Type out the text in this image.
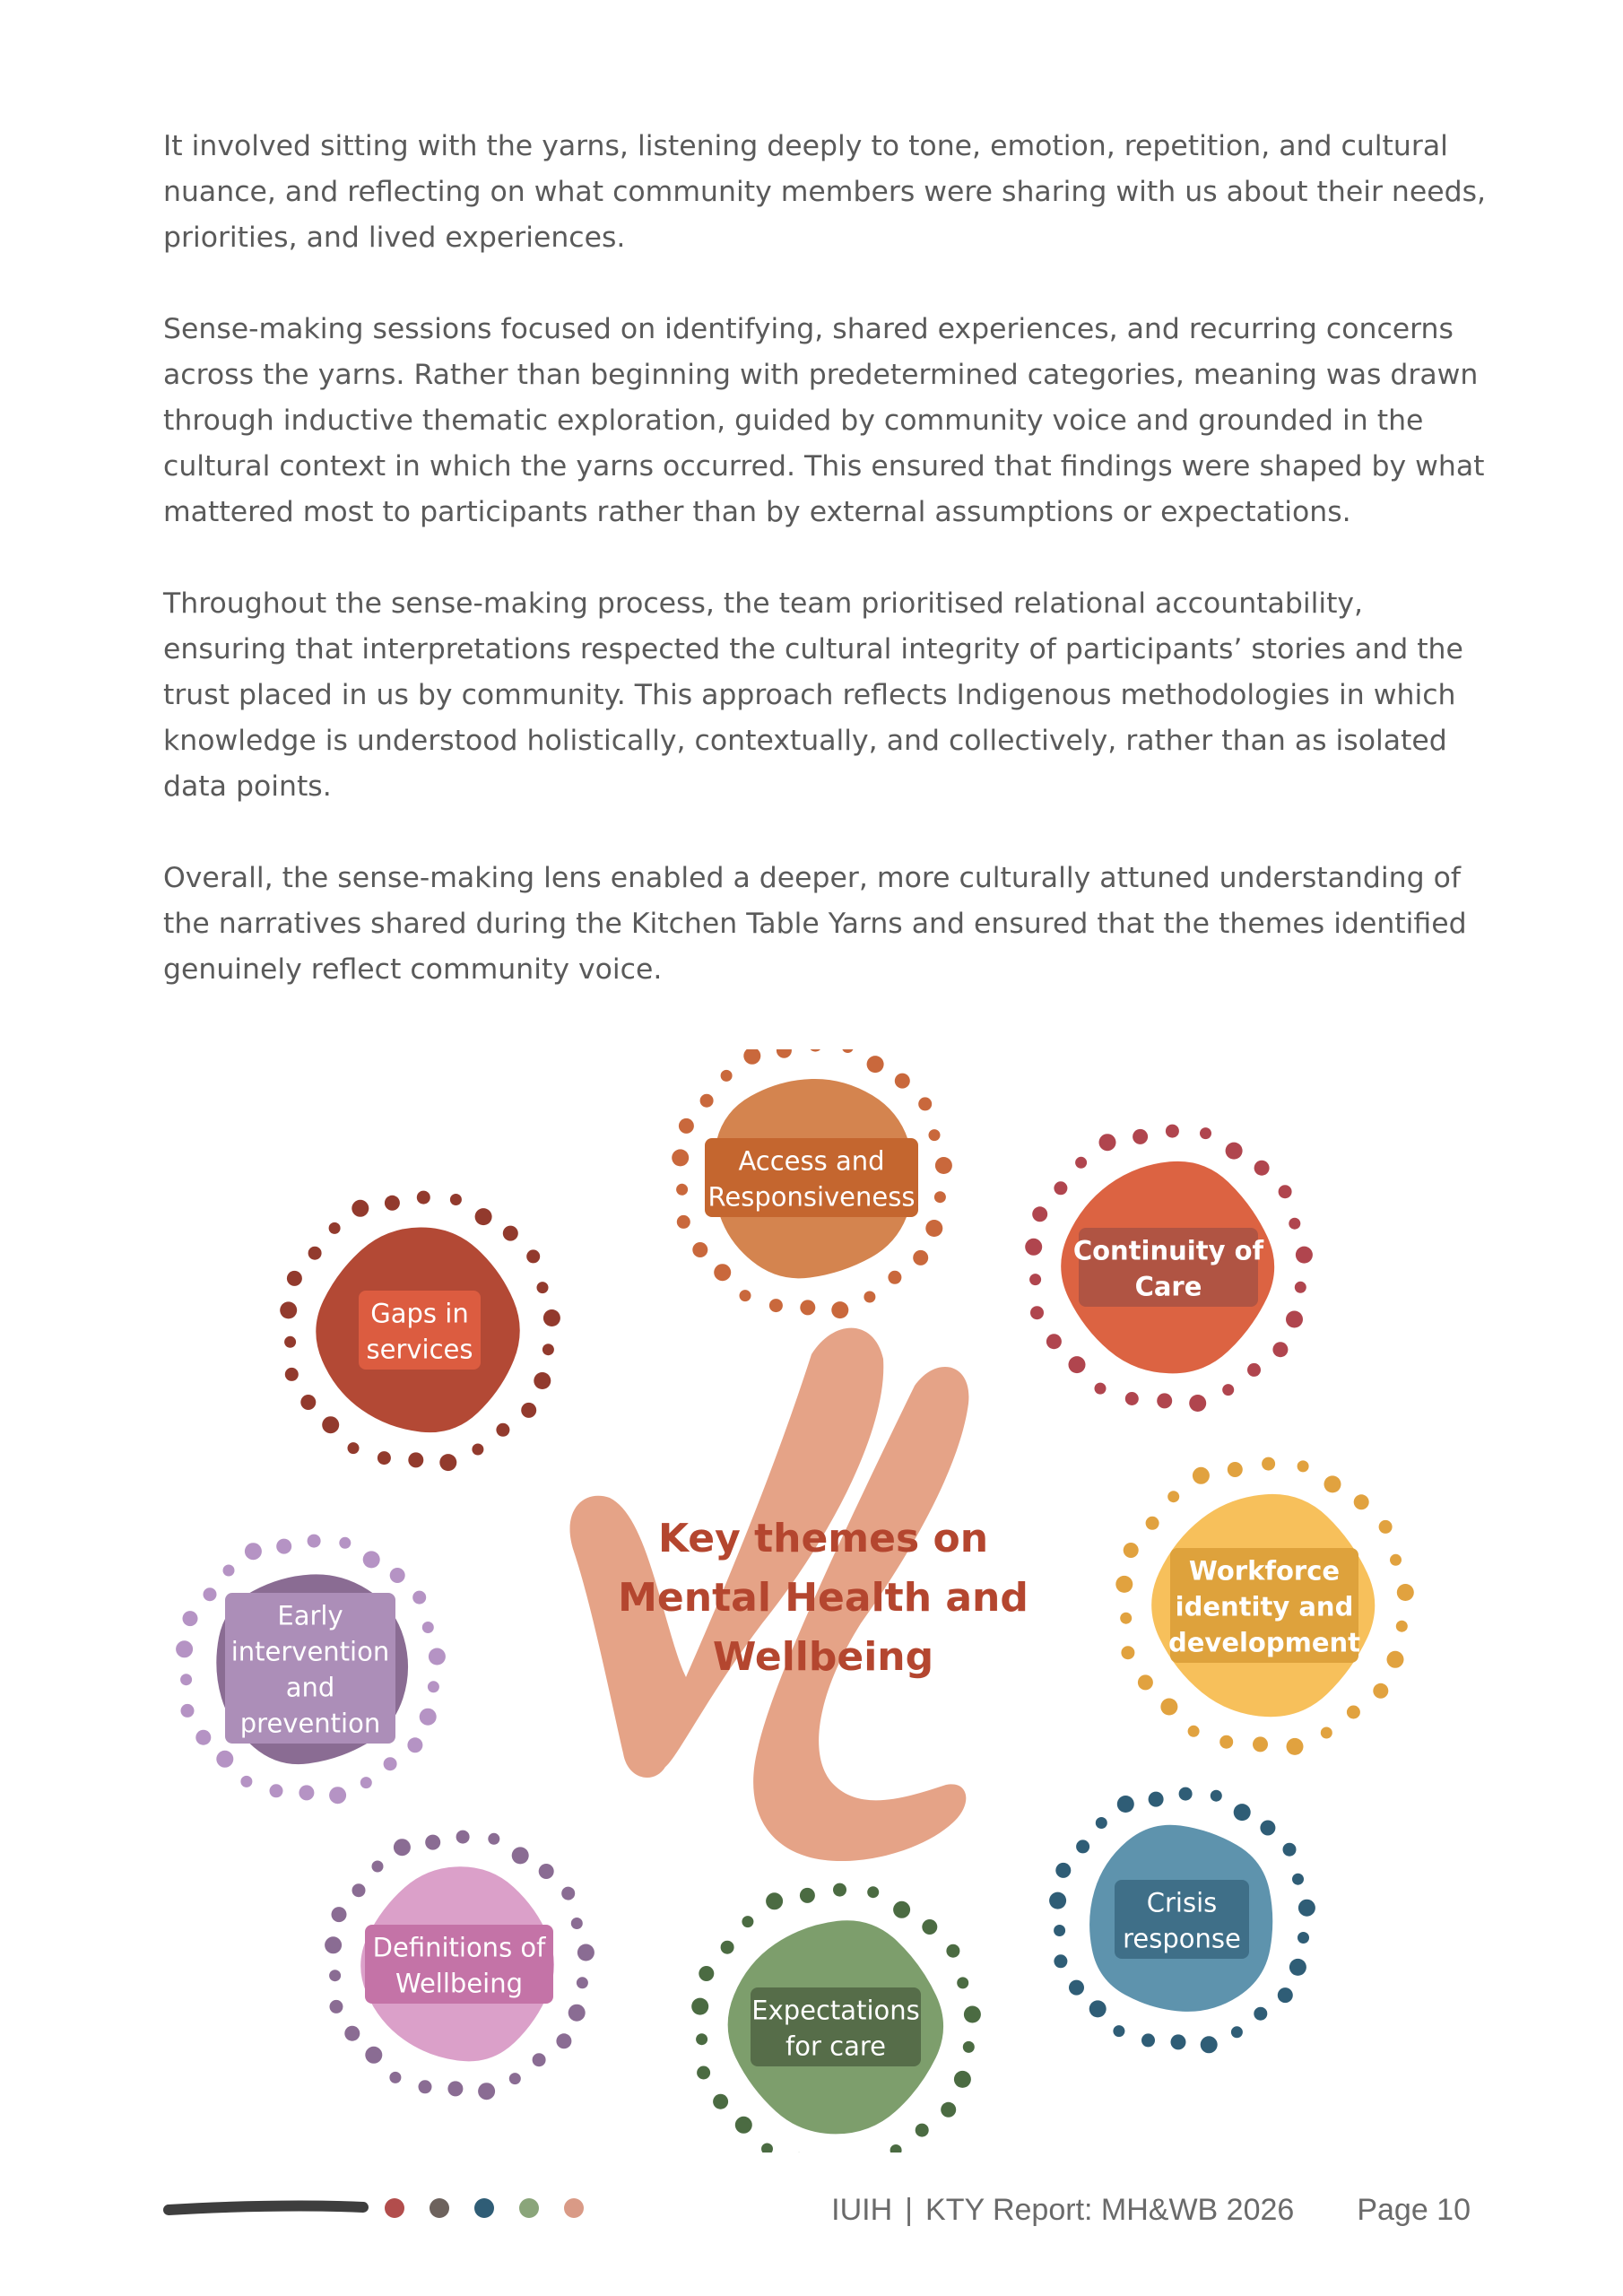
It involved sitting with the yarns, listening deeply to tone, emotion, repetition, and cultural nuance, and reflecting on what community members were sharing with us about their needs, priorities, and lived experiences.

Sense-making sessions focused on identifying, shared experiences, and recurring concerns across the yarns. Rather than beginning with predetermined categories, meaning was drawn through inductive thematic exploration, guided by community voice and grounded in the cultural context in which the yarns occurred. This ensured that findings were shaped by what mattered most to participants rather than by external assumptions or expectations.

Throughout the sense-making process, the team prioritised relational accountability, ensuring that interpretations respected the cultural integrity of participants’ stories and the trust placed in us by community. This approach reflects Indigenous methodologies in which knowledge is understood holistically, contextually, and collectively, rather than as isolated data points.

Overall, the sense-making lens enabled a deeper, more culturally attuned understanding of the narratives shared during the Kitchen Table Yarns and ensured that the themes identified genuinely reflect community voice.

Key themes on
Mental Health and
Wellbeing
Access and
Responsiveness
Continuity of
Care
Gaps in
services
Workforce
identity and
development
Early
intervention
and
prevention
Crisis
response
Definitions of
Wellbeing
Expectations
for care
IUIH | KTY Report: MH&WB 2026 Page 10
